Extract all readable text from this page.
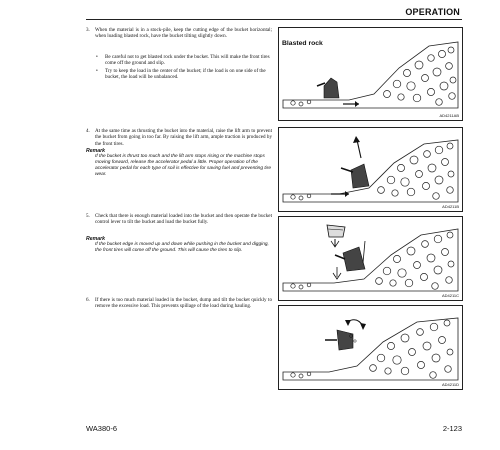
OPERATION
3. When the material is in a stock-pile, keep the cutting edge of the bucket horizontal; when loading blasted rock, have the bucket tilting slightly down.
• Be careful not to get blasted rock under the bucket. This will make the front tires come off the ground and slip.
• Try to keep the load in the center of the bucket; if the load is on one side of the bucket, the load will be unbalanced.
4. At the same time as thrusting the bucket into the material, raise the lift arm to prevent the bucket from going in too far. By raising the lift arm, ample traction is produced by the front tires.
Remark
If the bucket is thrust too much and the lift arm stops rising or the machine stops moving forward, release the accelerator pedal a little. Proper operation of the accelerator pedal for each type of soil is effective for saving fuel and preventing tire wear.
5. Check that there is enough material loaded into the bucket and then operate the bucket control lever to tilt the bucket and load the bucket fully.
Remark
If the bucket edge is moved up and down while pushing in the bucket and digging, the front tires will come off the ground. This will cause the tires to slip.
6. If there is too much material loaded in the bucket, dump and tilt the bucket quickly to remove the excessive load. This prevents spillage of the load during hauling.
Blasted rock
AD4211AB
AD4211B
AD4211C
AD4211D
WA380-6	2-123
